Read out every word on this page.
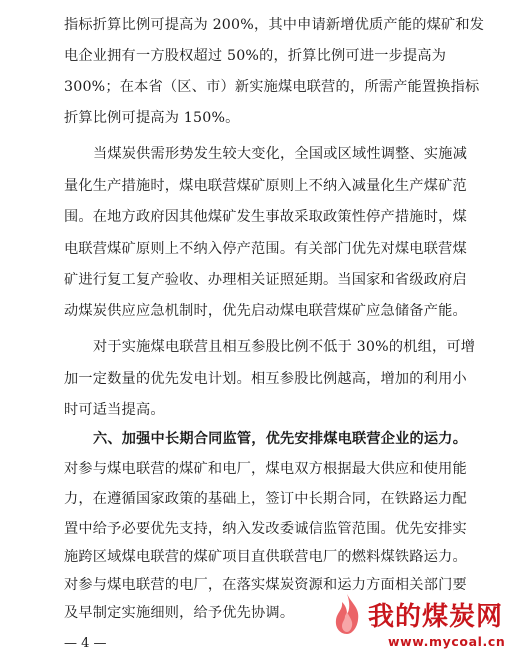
指标折算比例可提高为 200%，其中申请新增优质产能的煤矿和发
电企业拥有一方股权超过 50%的，折算比例可进一步提高为
300%；在本省（区、市）新实施煤电联营的，所需产能置换指标
折算比例可提高为 150%。
当煤炭供需形势发生较大变化，全国或区域性调整、实施减
量化生产措施时，煤电联营煤矿原则上不纳入减量化生产煤矿范
围。在地方政府因其他煤矿发生事故采取政策性停产措施时，煤
电联营煤矿原则上不纳入停产范围。有关部门优先对煤电联营煤
矿进行复工复产验收、办理相关证照延期。当国家和省级政府启
动煤炭供应应急机制时，优先启动煤电联营煤矿应急储备产能。
对于实施煤电联营且相互参股比例不低于 30%的机组，可增
加一定数量的优先发电计划。相互参股比例越高，增加的利用小
时可适当提高。
六、加强中长期合同监管，优先安排煤电联营企业的运力。
对参与煤电联营的煤矿和电厂，煤电双方根据最大供应和使用能
力，在遵循国家政策的基础上，签订中长期合同，在铁路运力配
置中给予必要优先支持，纳入发改委诚信监管范围。优先安排实
施跨区域煤电联营的煤矿项目直供联营电厂的燃料煤铁路运力。
对参与煤电联营的电厂，在落实煤炭资源和运力方面相关部门要
及早制定实施细则，给予优先协调。
— 4 —
我的煤炭网
www.mycoal.cn
